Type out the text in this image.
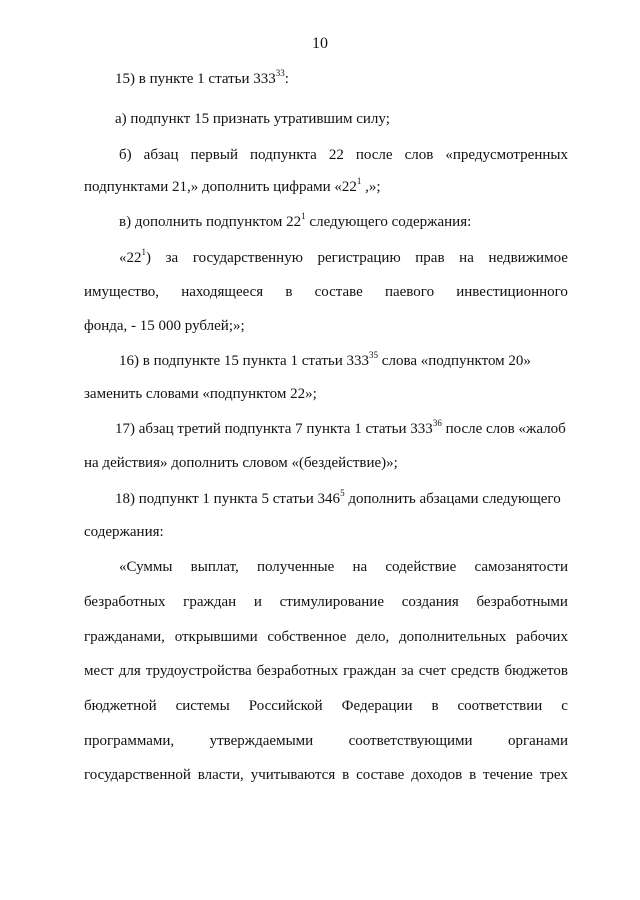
10
15) в пункте 1 статьи $333^{33}$:
а) подпункт 15 признать утратившим силу;
б) абзац первый подпункта 22 после слов «предусмотренных
подпунктами 21,» дополнить цифрами «$22^1$ ,»;
в) дополнить подпунктом $22^1$ следующего содержания:
«$22^1$) за государственную регистрацию прав на недвижимое
имущество, находящееся в составе паевого инвестиционного
фонда, - 15 000 рублей;»;
16) в подпункте 15 пункта 1 статьи $333^{35}$ слова «подпунктом 20»
заменить словами «подпунктом 22»;
17) абзац третий подпункта 7 пункта 1 статьи $333^{36}$ после слов «жалоб
на действия» дополнить словом «(бездействие)»;
18) подпункт 1 пункта 5 статьи $346^5$ дополнить абзацами следующего
содержания:
«Суммы выплат, полученные на содействие самозанятости
безработных граждан и стимулирование создания безработными
гражданами, открывшими собственное дело, дополнительных рабочих
мест для трудоустройства безработных граждан за счет средств бюджетов
бюджетной системы Российской Федерации в соответствии с
программами, утверждаемыми соответствующими органами
государственной власти, учитываются в составе доходов в течение трех
